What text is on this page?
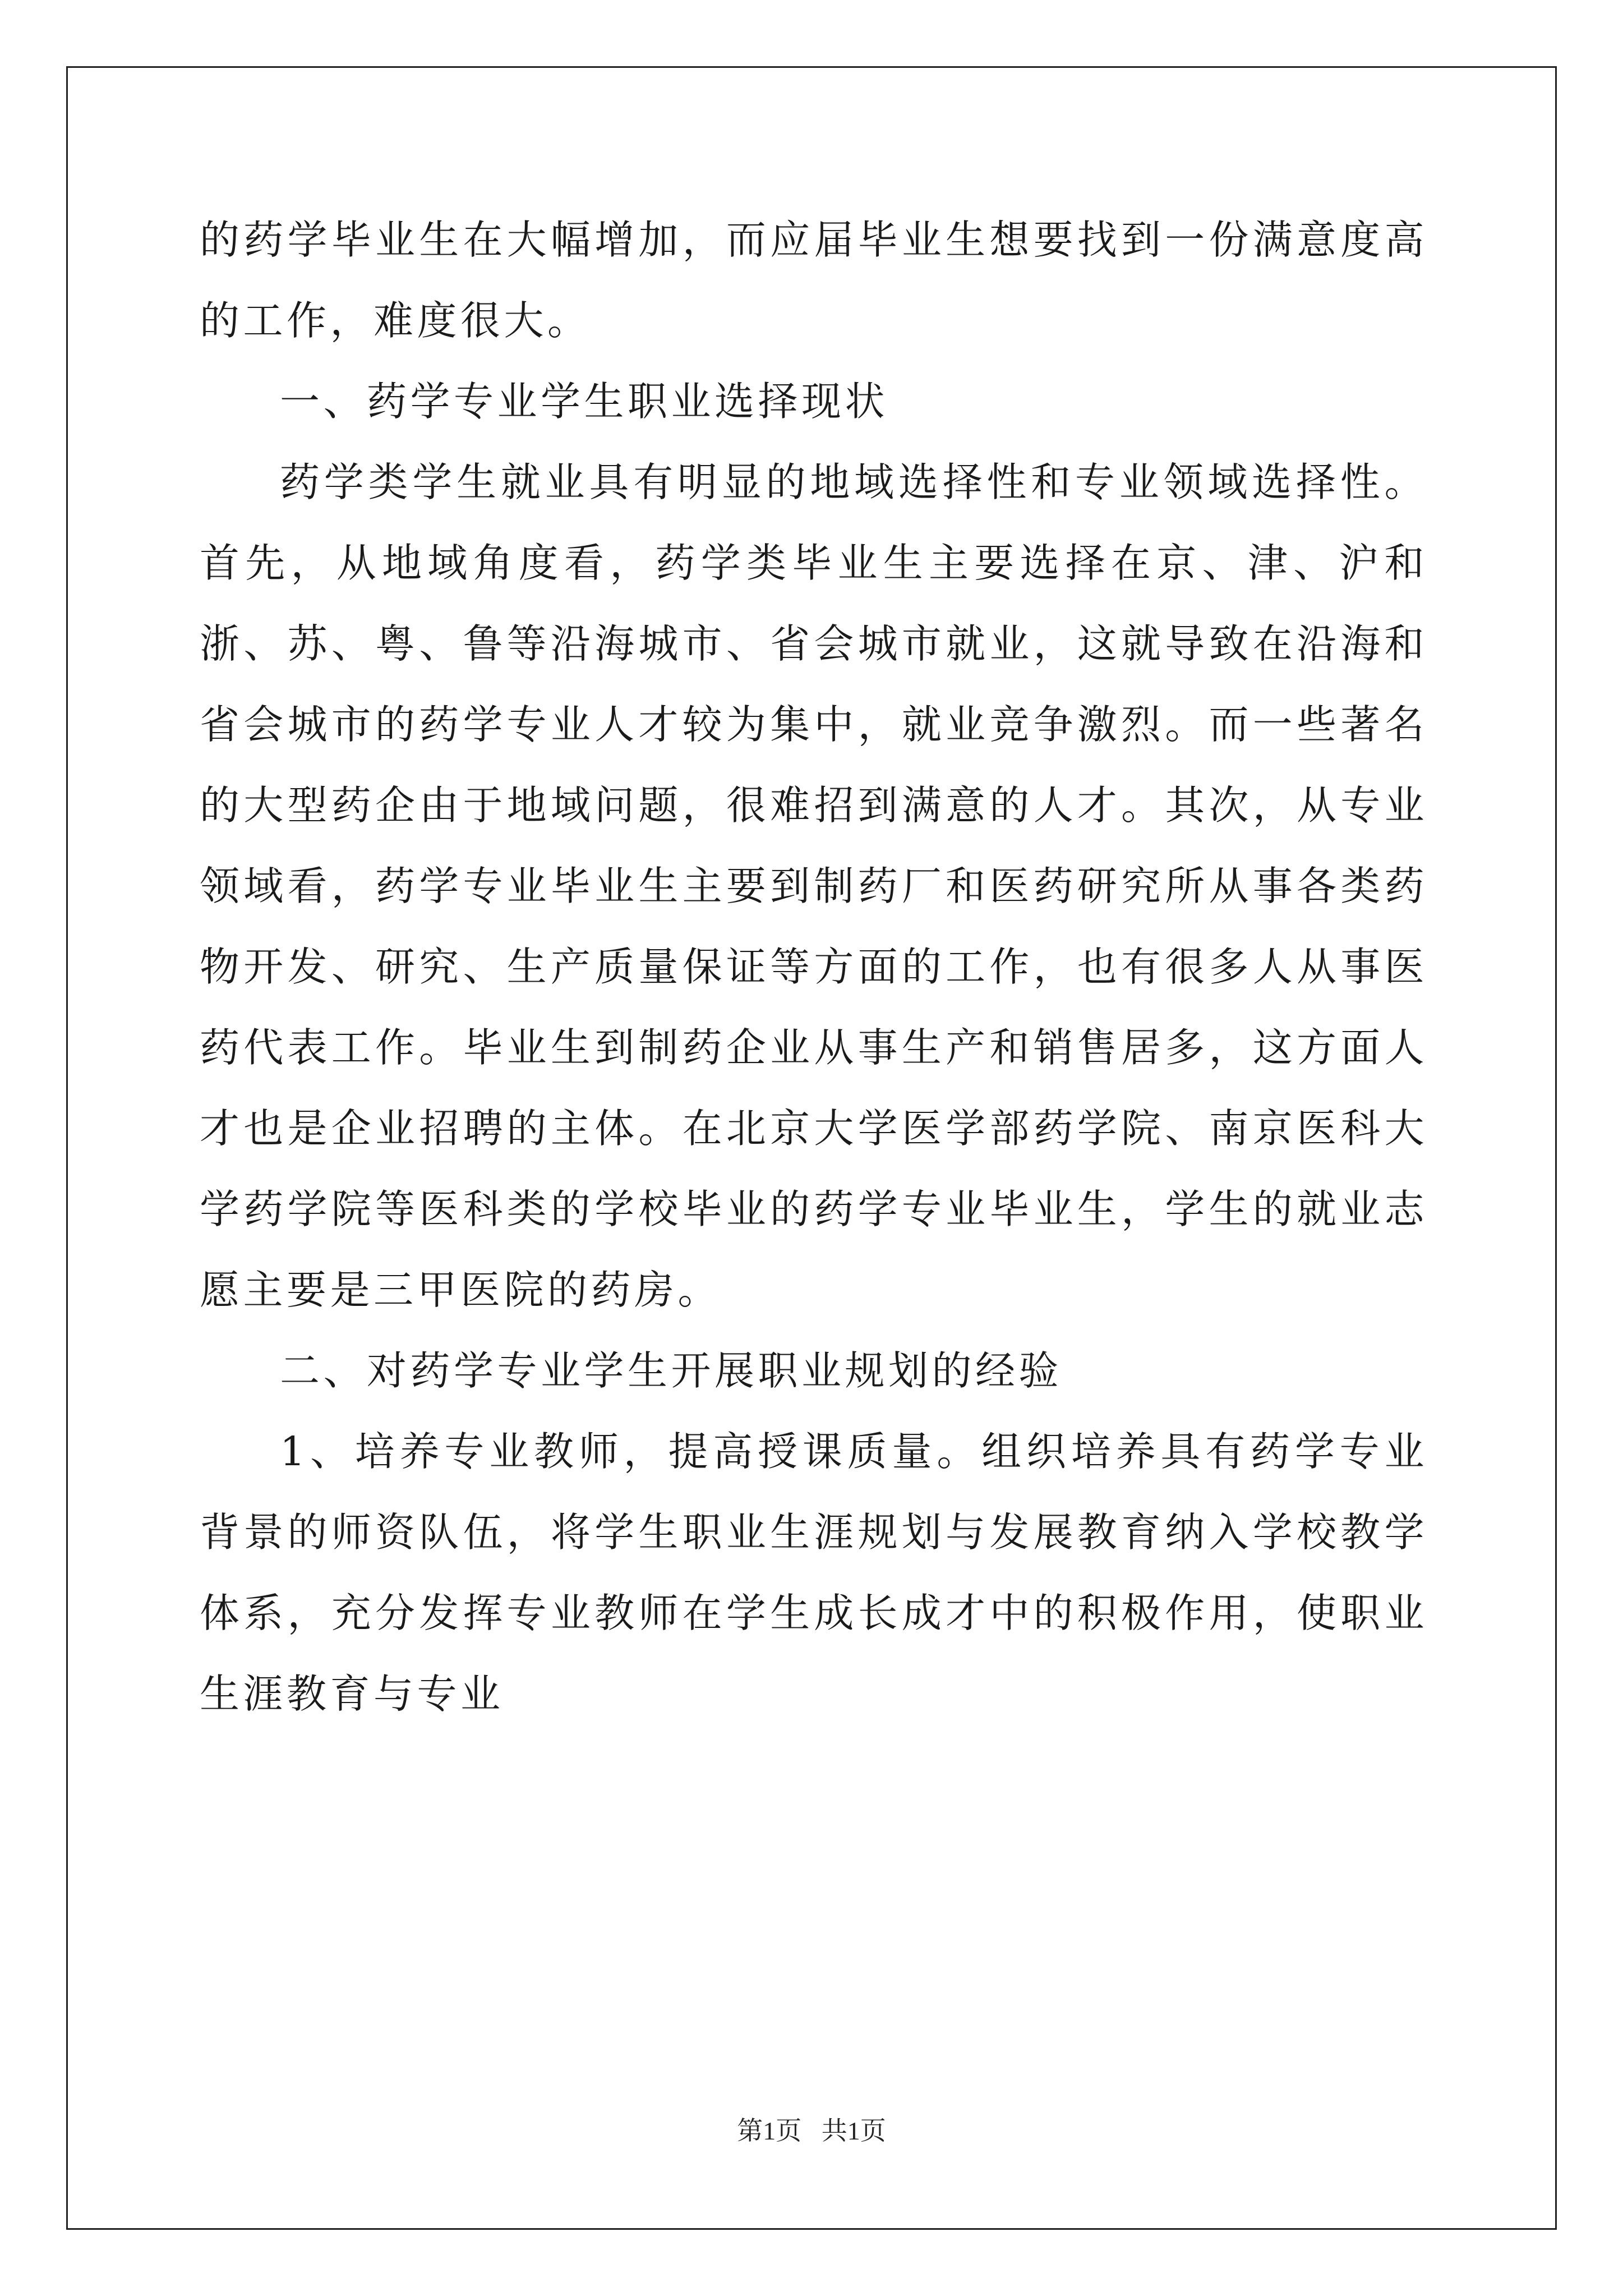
的药学毕业生在大幅增加，而应届毕业生想要找到一份满意度高的工作，难度很大。

一、药学专业学生职业选择现状

药学类学生就业具有明显的地域选择性和专业领域选择性。首先，从地域角度看，药学类毕业生主要选择在京、津、沪和浙、苏、粤、鲁等沿海城市、省会城市就业，这就导致在沿海和省会城市的药学专业人才较为集中，就业竞争激烈。而一些著名的大型药企由于地域问题，很难招到满意的人才。其次，从专业领域看，药学专业毕业生主要到制药厂和医药研究所从事各类药物开发、研究、生产质量保证等方面的工作，也有很多人从事医药代表工作。毕业生到制药企业从事生产和销售居多，这方面人才也是企业招聘的主体。在北京大学医学部药学院、南京医科大学药学院等医科类的学校毕业的药学专业毕业生，学生的就业志愿主要是三甲医院的药房。

二、对药学专业学生开展职业规划的经验

1、培养专业教师，提高授课质量。组织培养具有药学专业背景的师资队伍，将学生职业生涯规划与发展教育纳入学校教学体系，充分发挥专业教师在学生成长成才中的积极作用，使职业生涯教育与专业

第1页 共1页
